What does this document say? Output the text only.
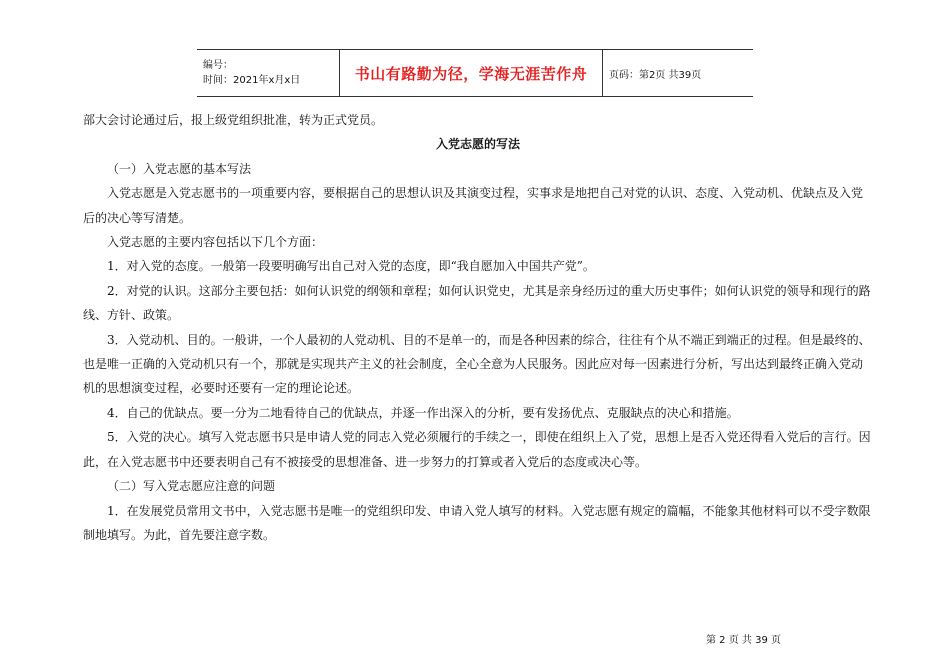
编号：
时间：2021年x月x日	书山有路勤为径，学海无涯苦作舟	页码：第2页 共39页

部大会讨论通过后，报上级党组织批准，转为正式党员。

入党志愿的写法

（一）入党志愿的基本写法

入党志愿是入党志愿书的一项重要内容，要根据自己的思想认识及其演变过程，实事求是地把自己对党的认识、态度、入党动机、优缺点及入党后的决心等写清楚。

入党志愿的主要内容包括以下几个方面：

1．对入党的态度。一般第一段要明确写出自己对入党的态度，即“我自愿加入中国共产党”。

2．对党的认识。这部分主要包括：如何认识党的纲领和章程；如何认识党史，尤其是亲身经历过的重大历史事件；如何认识党的领导和现行的路线、方针、政策。

3．入党动机、目的。一般讲，一个人最初的人党动机、目的不是单一的，而是各种因素的综合，往往有个从不端正到端正的过程。但是最终的、也是唯一正确的入党动机只有一个，那就是实现共产主义的社会制度，全心全意为人民服务。因此应对每一因素进行分析，写出达到最终正确入党动机的思想演变过程，必要时还要有一定的理论论述。

4．自己的优缺点。要一分为二地看待自己的优缺点，并逐一作出深入的分析，要有发扬优点、克服缺点的决心和措施。

5．入党的决心。填写入党志愿书只是申请人党的同志入党必须履行的手续之一，即使在组织上入了党，思想上是否入党还得看入党后的言行。因此，在入党志愿书中还要表明自己有不被接受的思想准备、进一步努力的打算或者入党后的态度或决心等。

（二）写入党志愿应注意的问题

1．在发展党员常用文书中，入党志愿书是唯一的党组织印发、申请入党人填写的材料。入党志愿有规定的篇幅，不能象其他材料可以不受字数限制地填写。为此，首先要注意字数。

第 2 页 共 39 页
